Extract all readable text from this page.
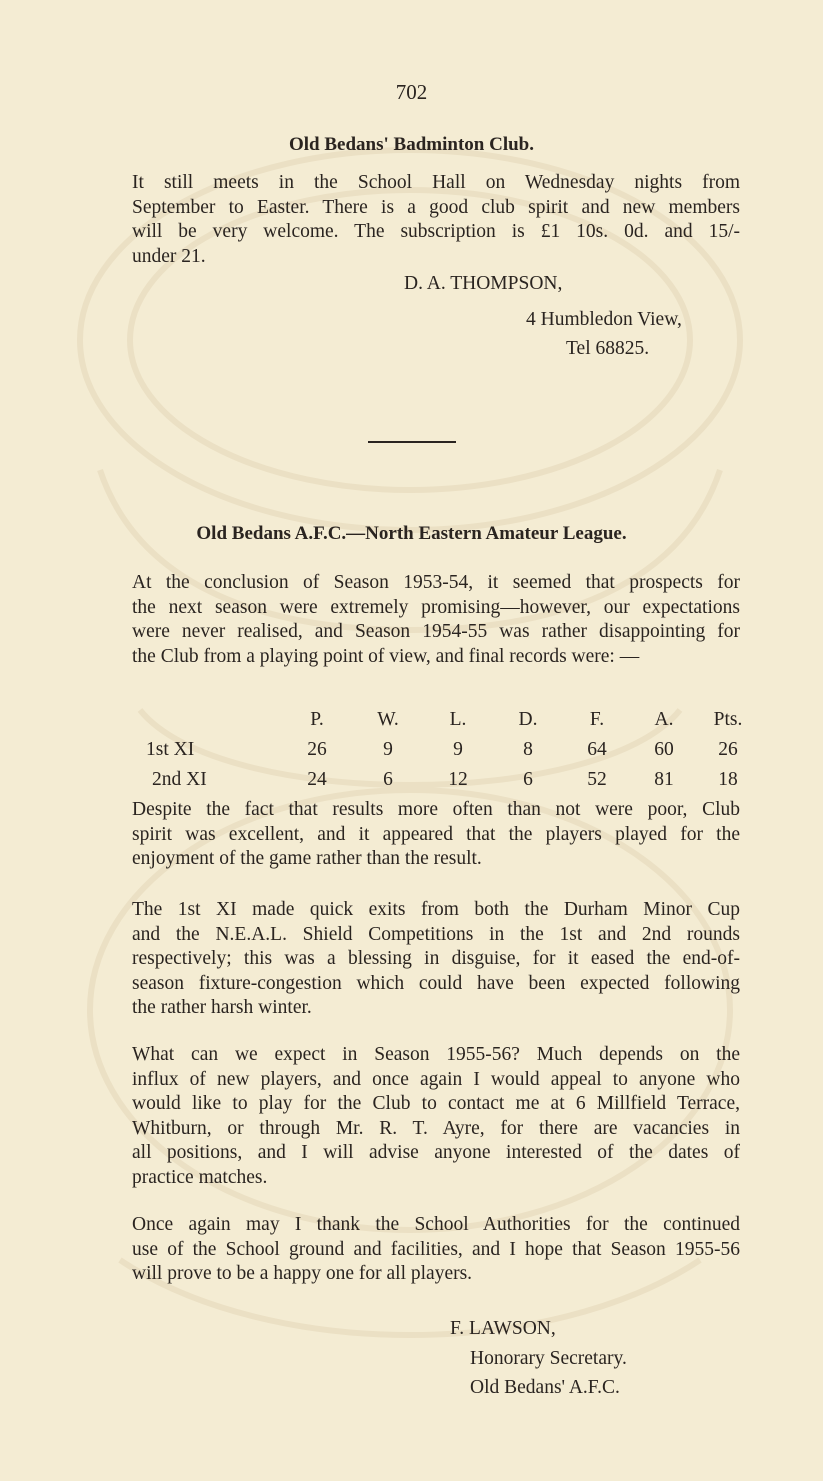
702
Old Bedans' Badminton Club.
It still meets in the School Hall on Wednesday nights from
September to Easter. There is a good club spirit and new members
will be very welcome. The subscription is £1 10s. 0d. and 15/-
under 21.
D. A. THOMPSON,
4 Humbledon View,
Tel 68825.
Old Bedans A.F.C.—North Eastern Amateur League.
At the conclusion of Season 1953-54, it seemed that prospects for
the next season were extremely promising—however, our expectations
were never realised, and Season 1954-55 was rather disappointing for
the Club from a playing point of view, and final records were: —
	P.	W.	L.	D.	F.	A.	Pts.
1st XI	26	9	9	8	64	60	26
2nd XI	24	6	12	6	52	81	18
Despite the fact that results more often than not were poor, Club
spirit was excellent, and it appeared that the players played for the
enjoyment of the game rather than the result.
The 1st XI made quick exits from both the Durham Minor Cup
and the N.E.A.L. Shield Competitions in the 1st and 2nd rounds
respectively; this was a blessing in disguise, for it eased the end-of-
season fixture-congestion which could have been expected following
the rather harsh winter.
What can we expect in Season 1955-56? Much depends on the
influx of new players, and once again I would appeal to anyone who
would like to play for the Club to contact me at 6 Millfield Terrace,
Whitburn, or through Mr. R. T. Ayre, for there are vacancies in
all positions, and I will advise anyone interested of the dates of
practice matches.
Once again may I thank the School Authorities for the continued
use of the School ground and facilities, and I hope that Season 1955-56
will prove to be a happy one for all players.
F. LAWSON,
Honorary Secretary.
Old Bedans' A.F.C.
